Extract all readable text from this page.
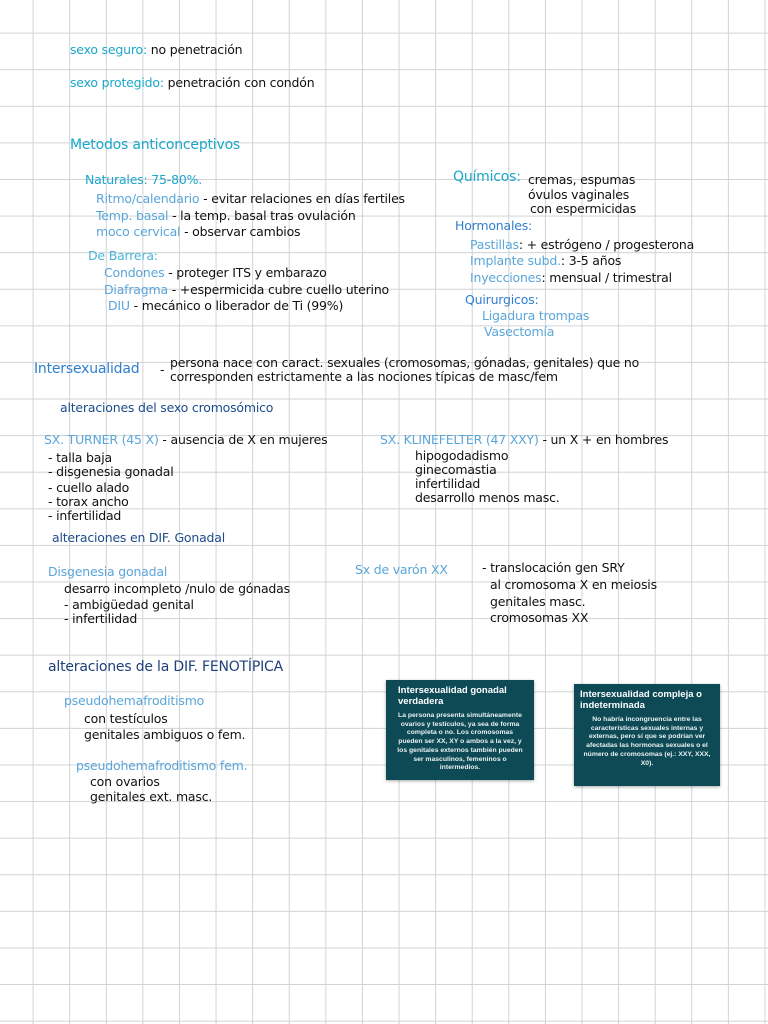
sexo seguro: no penetración
sexo protegido: penetración con condón
Metodos anticonceptivos
Naturales: 75-80%.
Ritmo/calendario - evitar relaciones en días fertiles
Temp. basal - la temp. basal tras ovulación
moco cervical - observar cambios
De Barrera:
Condones - proteger ITS y embarazo
Diafragma - +espermicida cubre cuello uterino
DIU - mecánico o liberador de Ti (99%)
Químicos: cremas, espumas
óvulos vaginales
con espermicidas
Hormonales:
Pastillas: + estrógeno / progesterona
Implante subd.: 3-5 años
Inyecciones: mensual / trimestral
Quirurgicos:
Ligadura trompas
Vasectomía
Intersexualidad - persona nace con caract. sexuales (cromosomas, gónadas, genitales) que no
corresponden estrictamente a las nociones típicas de masc/fem
alteraciones del sexo cromosómico
SX. TURNER (45 X) - ausencia de X en mujeres
- talla baja
- disgenesia gonadal
- cuello alado
- torax ancho
- infertilidad
SX. KLINEFELTER (47 XXY) - un X + en hombres
hipogodadismo
ginecomastia
infertilidad
desarrollo menos masc.
alteraciones en DIF. Gonadal
Disgenesia gonadal
desarro incompleto /nulo de gónadas
- ambigüedad genital
- infertilidad
Sx de varón XX	- translocación gen SRY
al cromosoma X en meiosis
genitales masc.
cromosomas XX
alteraciones de la DIF. FENOTÍPICA
pseudohemafroditismo
con testículos
genitales ambiguos o fem.
pseudohemafroditismo fem.
con ovarios
genitales ext. masc.
Intersexualidad gonadal verdadera
La persona presenta simultáneamente ovarios y testículos, ya sea de forma completa o no. Los cromosomas pueden ser XX, XY o ambos a la vez, y los genitales externos también pueden ser masculinos, femeninos o intermedios.
Intersexualidad compleja o indeterminada
No habría incongruencia entre las características sexuales internas y externas, pero sí que se podrían ver afectadas las hormonas sexuales o el número de cromosomas (ej.: XXY, XXX, X0).
